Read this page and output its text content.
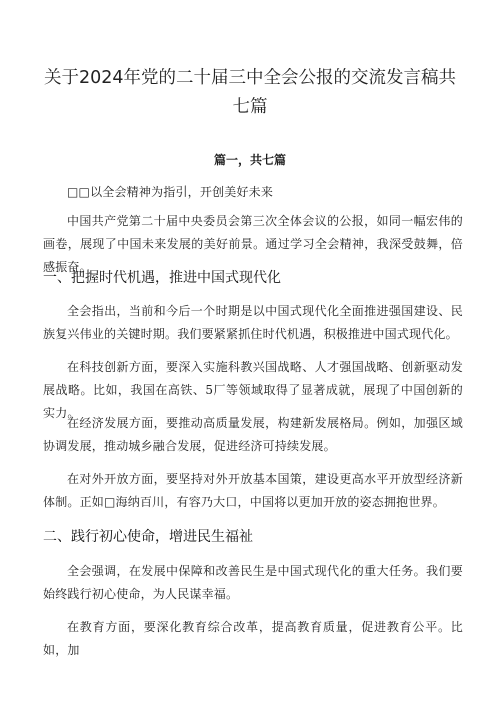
关于2024年党的二十届三中全会公报的交流发言稿共七篇
篇一，共七篇

□□以全会精神为指引，开创美好未来

中国共产党第二十届中央委员会第三次全体会议的公报，如同一幅宏伟的画卷，展现了中国未来发展的美好前景。通过学习全会精神，我深受鼓舞，倍感振奋。

一、把握时代机遇，推进中国式现代化

全会指出，当前和今后一个时期是以中国式现代化全面推进强国建设、民族复兴伟业的关键时期。我们要紧紧抓住时代机遇，积极推进中国式现代化。

在科技创新方面，要深入实施科教兴国战略、人才强国战略、创新驱动发展战略。比如，我国在高铁、5厂等领域取得了显著成就，展现了中国创新的实力。

在经济发展方面，要推动高质量发展，构建新发展格局。例如，加强区域协调发展，推动城乡融合发展，促进经济可持续发展。

在对外开放方面，要坚持对外开放基本国策，建设更高水平开放型经济新体制。正如□海纳百川，有容乃大口，中国将以更加开放的姿态拥抱世界。

二、践行初心使命，增进民生福祉

全会强调，在发展中保障和改善民生是中国式现代化的重大任务。我们要始终践行初心使命，为人民谋幸福。

在教育方面，要深化教育综合改革，提高教育质量，促进教育公平。比如，加
